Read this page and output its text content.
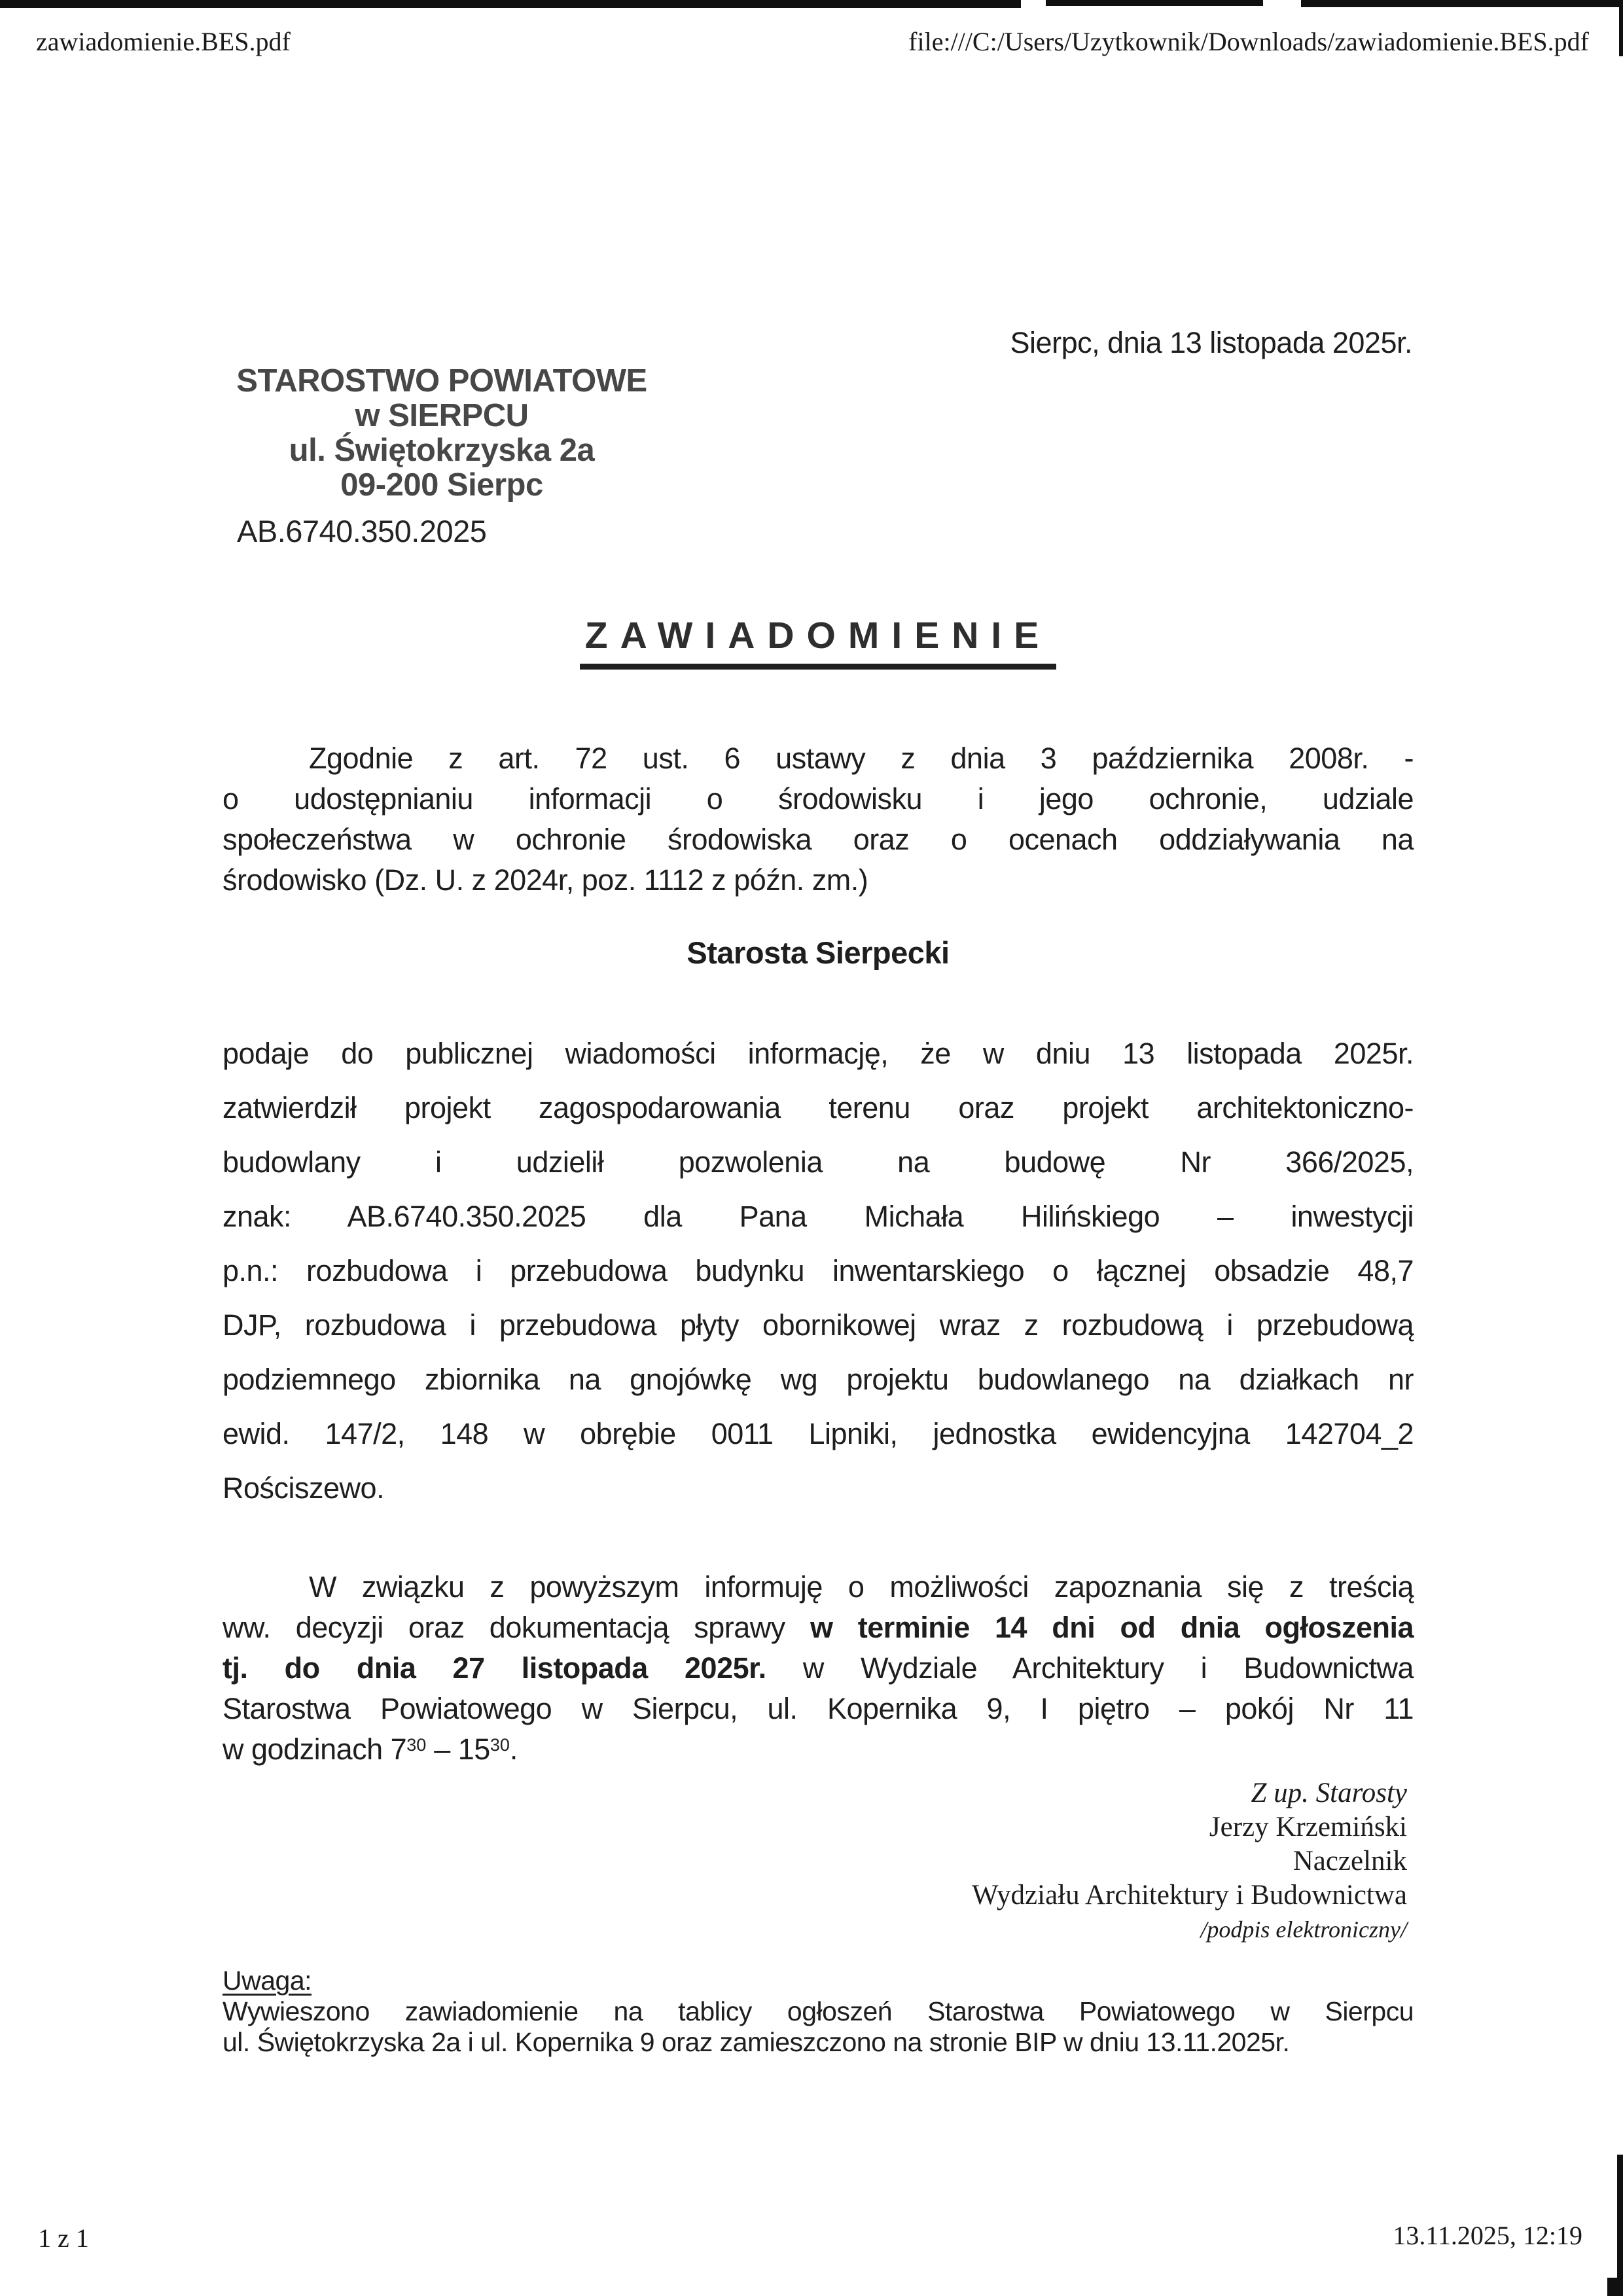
zawiadomienie.BES.pdf	file:///C:/Users/Uzytkownik/Downloads/zawiadomienie.BES.pdf
Sierpc, dnia 13 listopada 2025r.
STAROSTWO POWIATOWE
w SIERPCU
ul. Świętokrzyska 2a
09-200 Sierpc
AB.6740.350.2025
ZAWIADOMIENIE
Zgodnie z art. 72 ust. 6 ustawy z dnia 3 października 2008r. -
o udostępnianiu informacji o środowisku i jego ochronie, udziale
społeczeństwa w ochronie środowiska oraz o ocenach oddziaływania na
środowisko (Dz. U. z 2024r, poz. 1112 z późn. zm.)
Starosta Sierpecki
podaje do publicznej wiadomości informację, że w dniu 13 listopada 2025r.
zatwierdził projekt zagospodarowania terenu oraz projekt architektoniczno-
budowlany i udzielił pozwolenia na budowę Nr 366/2025,
znak: AB.6740.350.2025 dla Pana Michała Hilińskiego – inwestycji
p.n.: rozbudowa i przebudowa budynku inwentarskiego o łącznej obsadzie 48,7
DJP, rozbudowa i przebudowa płyty obornikowej wraz z rozbudową i przebudową
podziemnego zbiornika na gnojówkę wg projektu budowlanego na działkach nr
ewid. 147/2, 148 w obrębie 0011 Lipniki, jednostka ewidencyjna 142704_2
Rościszewo.
W związku z powyższym informuję o możliwości zapoznania się z treścią
ww. decyzji oraz dokumentacją sprawy w terminie 14 dni od dnia ogłoszenia
tj. do dnia 27 listopada 2025r. w Wydziale Architektury i Budownictwa
Starostwa Powiatowego w Sierpcu, ul. Kopernika 9, I piętro – pokój Nr 11
w godzinach $7^{30} - 15^{30}$.
Z up. Starosty
Jerzy Krzemiński
Naczelnik
Wydziału Architektury i Budownictwa
/podpis elektroniczny/
Uwaga:
Wywieszono zawiadomienie na tablicy ogłoszeń Starostwa Powiatowego w Sierpcu
ul. Świętokrzyska 2a i ul. Kopernika 9 oraz zamieszczono na stronie BIP w dniu 13.11.2025r.
1 z 1	13.11.2025, 12:19
